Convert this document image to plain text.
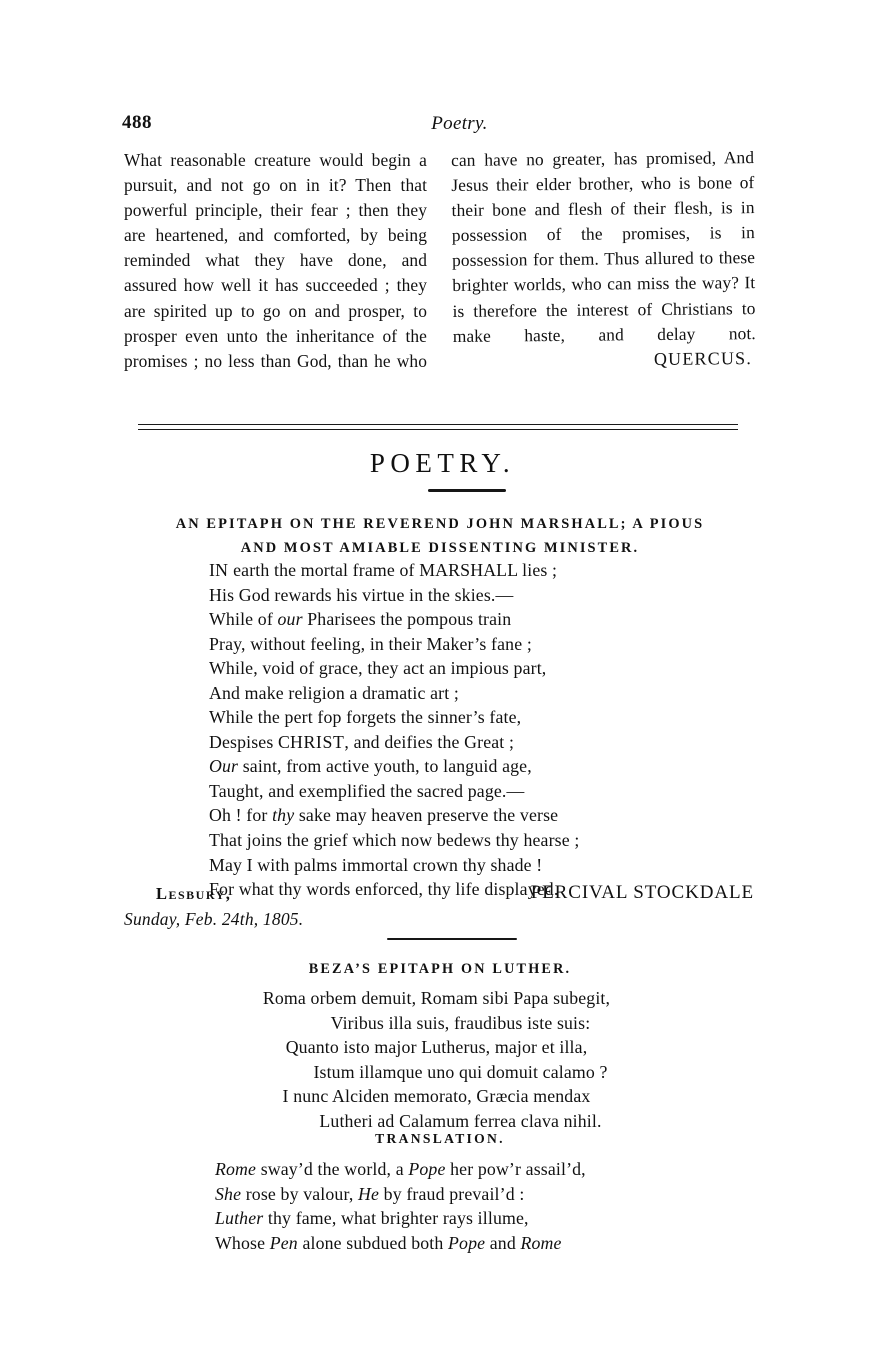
488	Poetry.

What reasonable creature would begin a pursuit, and not go on in it? Then that powerful principle, their fear ; then they are heartened, and comforted, by being reminded what they have done, and assured how well it has succeeded ; they are spirited up to go on and prosper, to prosper even unto the inheritance of the promises ; no less than God, than he who

can have no greater, has promised, And Jesus their elder brother, who is bone of their bone and flesh of their flesh, is in possession of the promises, is in possession for them. Thus allured to these brighter worlds, who can miss the way? It is therefore the interest of Christians to make haste, and delay not.

QUERCUS.
POETRY.
AN EPITAPH ON THE REVEREND JOHN MARSHALL; A PIOUS
AND MOST AMIABLE DISSENTING MINISTER.
IN earth the mortal frame of MARSHALL lies ;
His God rewards his virtue in the skies.—
While of our Pharisees the pompous train
Pray, without feeling, in their Maker’s fane ;
While, void of grace, they act an impious part,
And make religion a dramatic art ;
While the pert fop forgets the sinner’s fate,
Despises CHRIST, and deifies the Great ;
Our saint, from active youth, to languid age,
Taught, and exemplified the sacred page.—
Oh ! for thy sake may heaven preserve the verse
That joins the grief which now bedews thy hearse ;
May I with palms immortal crown thy shade !
For what thy words enforced, thy life displayed.
Lesbury,	PERCIVAL STOCKDALE
Sunday, Feb. 24th, 1805.
BEZA’S EPITAPH ON LUTHER.
Roma orbem demuit, Romam sibi Papa subegit,
Viribus illa suis, fraudibus iste suis:
Quanto isto major Lutherus, major et illa,
Istum illamque uno qui domuit calamo ?
I nunc Alciden memorato, Græcia mendax
Lutheri ad Calamum ferrea clava nihil.
TRANSLATION.
Rome sway’d the world, a Pope her pow’r assail’d,
She rose by valour, He by fraud prevail’d :
Luther thy fame, what brighter rays illume,
Whose Pen alone subdued both Pope and Rome
